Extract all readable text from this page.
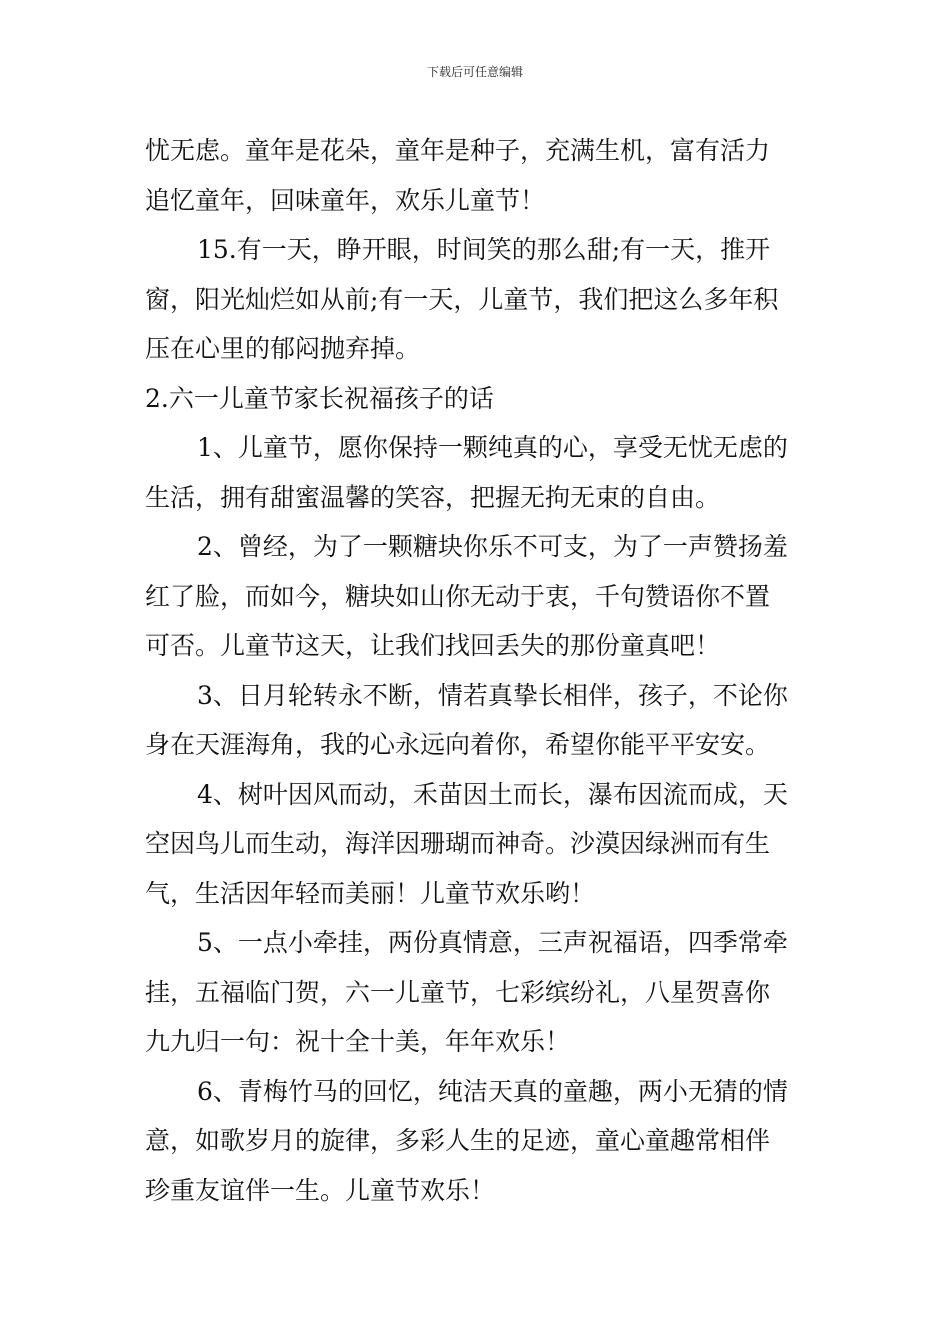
下载后可任意编辑
忧无虑。童年是花朵，童年是种子，充满生机，富有活力
追忆童年，回味童年，欢乐儿童节！
15.有一天，睁开眼，时间笑的那么甜;有一天，推开
窗，阳光灿烂如从前;有一天，儿童节，我们把这么多年积
压在心里的郁闷抛弃掉。
2.六一儿童节家长祝福孩子的话
1、儿童节，愿你保持一颗纯真的心，享受无忧无虑的
生活，拥有甜蜜温馨的笑容，把握无拘无束的自由。
2、曾经，为了一颗糖块你乐不可支，为了一声赞扬羞
红了脸，而如今，糖块如山你无动于衷，千句赞语你不置
可否。儿童节这天，让我们找回丢失的那份童真吧！
3、日月轮转永不断，情若真挚长相伴，孩子，不论你
身在天涯海角，我的心永远向着你，希望你能平平安安。
4、树叶因风而动，禾苗因土而长，瀑布因流而成，天
空因鸟儿而生动，海洋因珊瑚而神奇。沙漠因绿洲而有生
气，生活因年轻而美丽！儿童节欢乐哟！
5、一点小牵挂，两份真情意，三声祝福语，四季常牵
挂，五福临门贺，六一儿童节，七彩缤纷礼，八星贺喜你
九九归一句：祝十全十美，年年欢乐！
6、青梅竹马的回忆，纯洁天真的童趣，两小无猜的情
意，如歌岁月的旋律，多彩人生的足迹，童心童趣常相伴
珍重友谊伴一生。儿童节欢乐！
